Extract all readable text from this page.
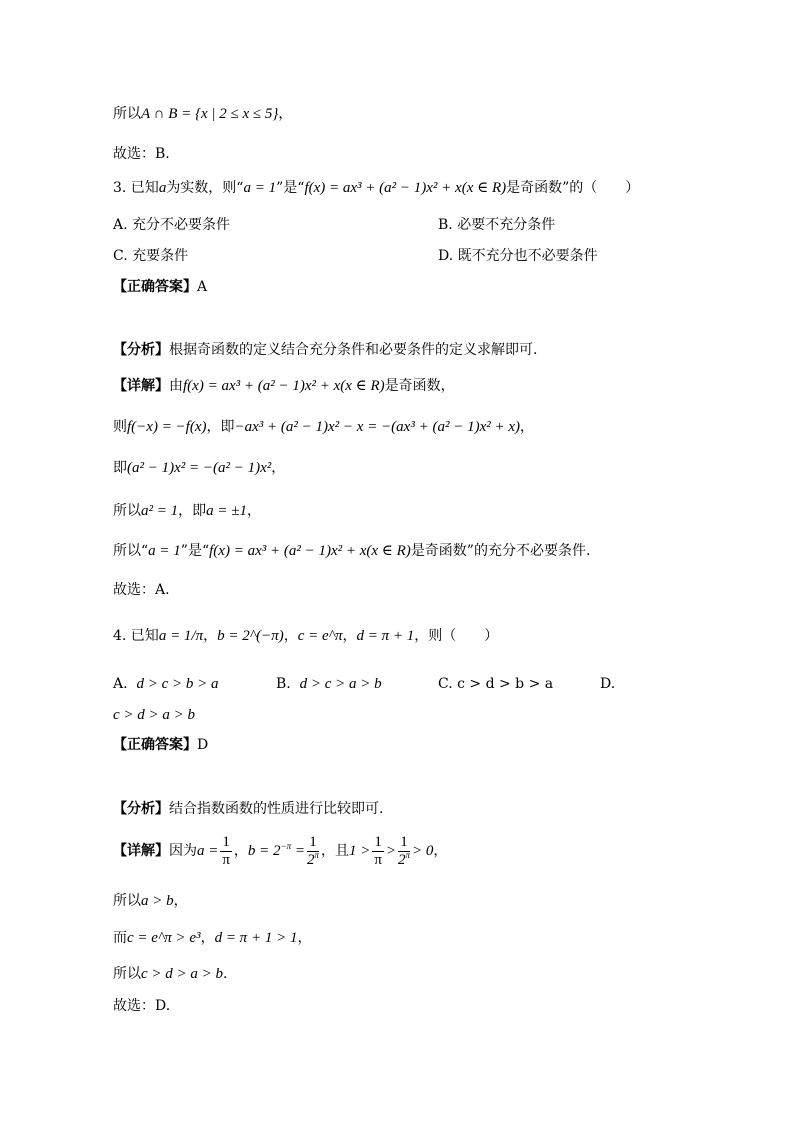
所以A ∩ B = {x | 2 ≤ x ≤ 5}，
故选：B.
3. 已知a为实数，则“a = 1”是“f(x) = ax³ + (a² − 1)x² + x(x ∈ R)是奇函数”的（　　）
A. 充分不必要条件	B. 必要不充分条件
C. 充要条件	D. 既不充分也不必要条件
【正确答案】A
【分析】根据奇函数的定义结合充分条件和必要条件的定义求解即可.
【详解】由f(x) = ax³ + (a² − 1)x² + x(x ∈ R)是奇函数，
则f(−x) = −f(x)，即−ax³ + (a² − 1)x² − x = −(ax³ + (a² − 1)x² + x)，
即(a² − 1)x² = −(a² − 1)x²，
所以a² = 1，即a = ±1，
所以“a = 1”是“f(x) = ax³ + (a² − 1)x² + x(x ∈ R)是奇函数”的充分不必要条件.
故选：A.
4. 已知a = 1/π，b = 2^(−π)，c = e^π，d = π + 1，则（　　）
A. d > c > b > a	B. d > c > a > b	C. c > d > b > a	D.
c > d > a > b
【正确答案】D
【分析】结合指数函数的性质进行比较即可.
【详解】因为$a = \frac{1}{\pi}$ ，$b = 2^{-\pi} = \frac{1}{2^\pi}$ ，且$1 > \frac{1}{\pi} > \frac{1}{2^\pi} > 0$，
所以a > b，
而c = e^π > e³，d = π + 1 > 1，
所以c > d > a > b.
故选：D.
